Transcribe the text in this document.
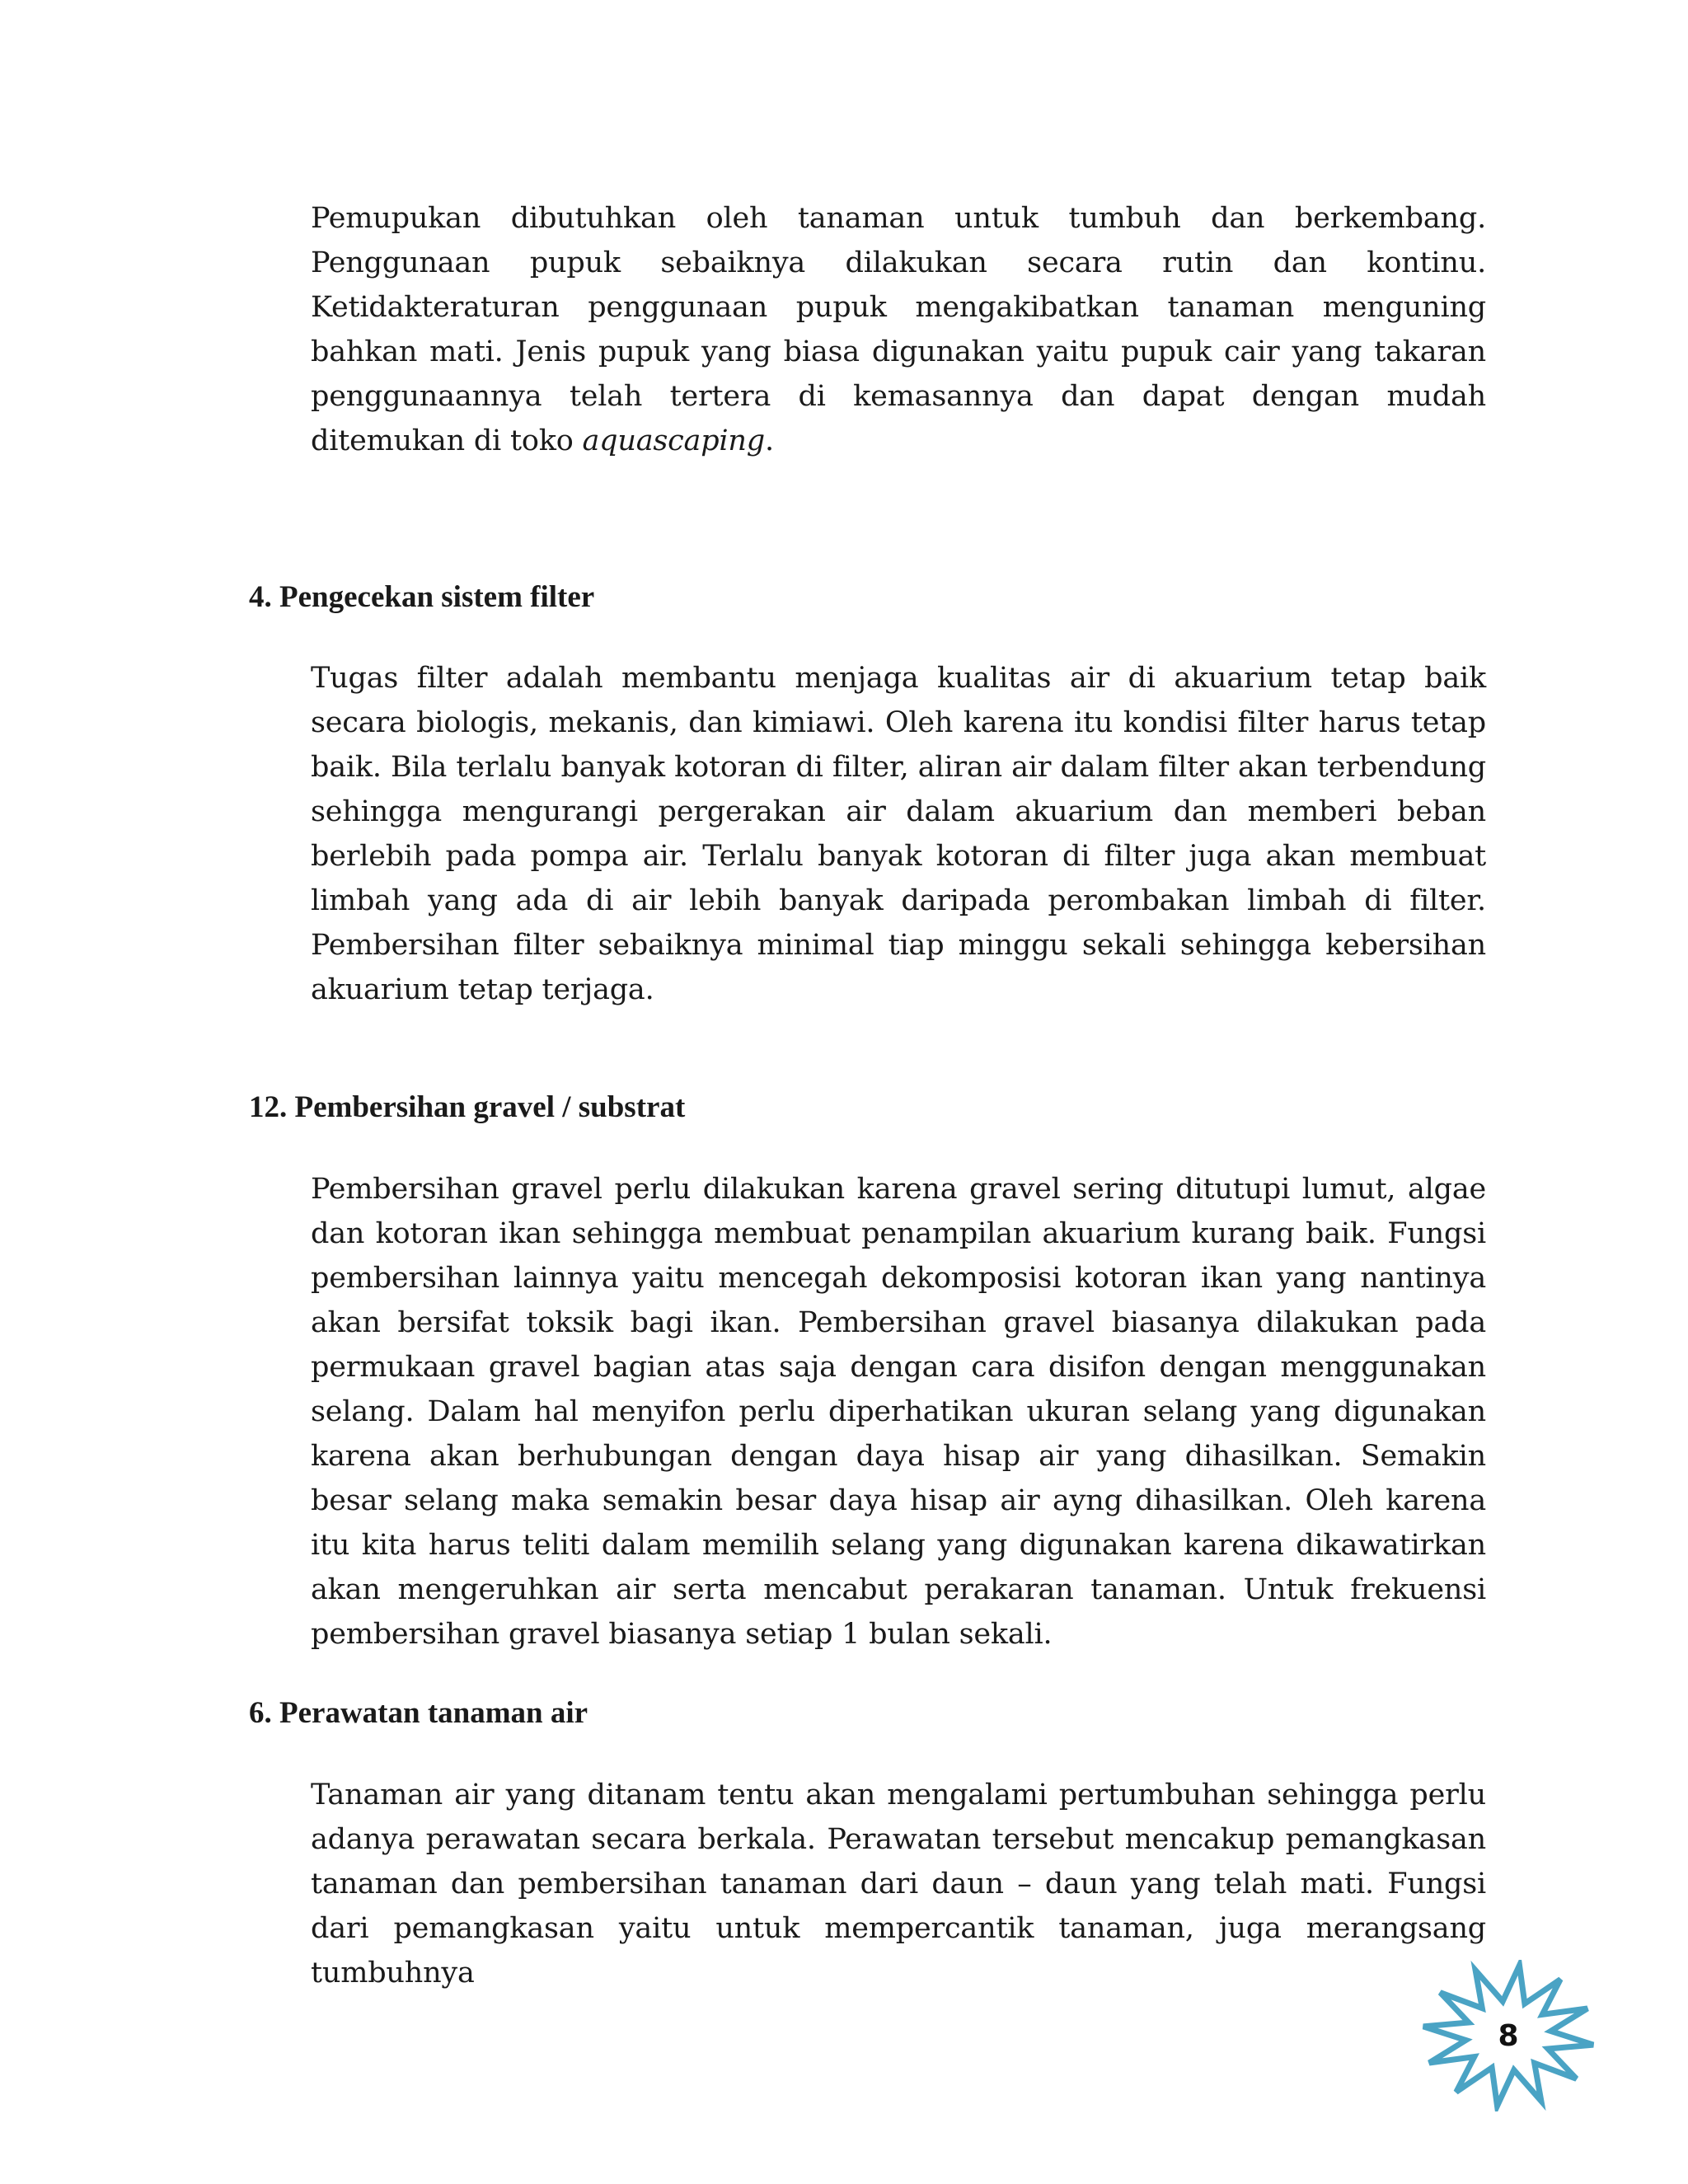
Pemupukan dibutuhkan oleh tanaman untuk tumbuh dan berkembang. Penggunaan pupuk sebaiknya dilakukan secara rutin dan kontinu. Ketidakteraturan penggunaan pupuk mengakibatkan tanaman menguning bahkan mati. Jenis pupuk yang biasa digunakan yaitu pupuk cair yang takaran penggunaannya telah tertera di kemasannya dan dapat dengan mudah ditemukan di toko aquascaping.

4. Pengecekan sistem filter

Tugas filter adalah membantu menjaga kualitas air di akuarium tetap baik secara biologis, mekanis, dan kimiawi. Oleh karena itu kondisi filter harus tetap baik. Bila terlalu banyak kotoran di filter, aliran air dalam filter akan terbendung sehingga mengurangi pergerakan air dalam akuarium dan memberi beban berlebih pada pompa air. Terlalu banyak kotoran di filter juga akan membuat limbah yang ada di air lebih banyak daripada perombakan limbah di filter. Pembersihan filter sebaiknya minimal tiap minggu sekali sehingga kebersihan akuarium tetap terjaga.

12. Pembersihan gravel / substrat

Pembersihan gravel perlu dilakukan karena gravel sering ditutupi lumut, algae dan kotoran ikan sehingga membuat penampilan akuarium kurang baik. Fungsi pembersihan lainnya yaitu mencegah dekomposisi kotoran ikan yang nantinya akan bersifat toksik bagi ikan. Pembersihan gravel biasanya dilakukan pada permukaan gravel bagian atas saja dengan cara disifon dengan menggunakan selang. Dalam hal menyifon perlu diperhatikan ukuran selang yang digunakan karena akan berhubungan dengan daya hisap air yang dihasilkan. Semakin besar selang maka semakin besar daya hisap air ayng dihasilkan. Oleh karena itu kita harus teliti dalam memilih selang yang digunakan karena dikawatirkan akan mengeruhkan air serta mencabut perakaran tanaman. Untuk frekuensi pembersihan gravel biasanya setiap 1 bulan sekali.

6. Perawatan tanaman air

Tanaman air yang ditanam tentu akan mengalami pertumbuhan sehingga perlu adanya perawatan secara berkala. Perawatan tersebut mencakup pemangkasan tanaman dan pembersihan tanaman dari daun – daun yang telah mati. Fungsi dari pemangkasan yaitu untuk mempercantik tanaman, juga merangsang tumbuhnya

8
